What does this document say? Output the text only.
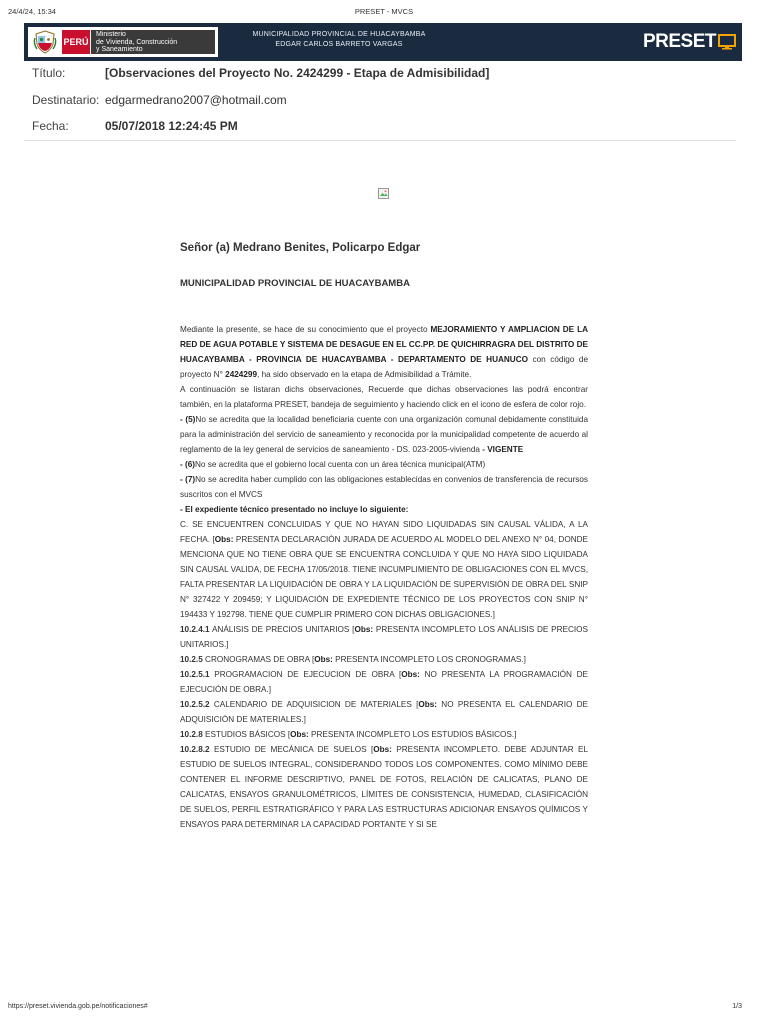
24/4/24, 15:34	PRESET - MVCS
PERÚ
Ministerio
de Vivienda, Construcción
y Saneamiento
MUNICIPALIDAD PROVINCIAL DE HUACAYBAMBA
EDGAR CARLOS BARRETO VARGAS	PRESET
Título:	[Observaciones del Proyecto No. 2424299 - Etapa de Admisibilidad]
Destinatario: edgarmedrano2007@hotmail.com
Fecha:	05/07/2018 12:24:45 PM
Señor (a) Medrano Benites, Policarpo Edgar
MUNICIPALIDAD PROVINCIAL DE HUACAYBAMBA

Mediante la presente, se hace de su conocimiento que el proyecto MEJORAMIENTO Y AMPLIACION DE LA RED DE AGUA POTABLE Y SISTEMA DE DESAGUE EN EL CC.PP. DE QUICHIRRAGRA DEL DISTRITO DE HUACAYBAMBA - PROVINCIA DE HUACAYBAMBA - DEPARTAMENTO DE HUANUCO con código de proyecto N° 2424299, ha sido observado en la etapa de Admisibilidad a Trámite.

A continuación se listaran dichs observaciones, Recuerde que dichas observaciones las podrá encontrar también, en la plataforma PRESET, bandeja de seguimiento y haciendo click en el icono de esfera de color rojo.

- (5)No se acredita que la localidad beneficiaria cuente con una organización comunal debidamente constituida para la administración del servicio de saneamiento y reconocida por la municipalidad competente de acuerdo al reglamento de la ley general de servicios de saneamiento - DS. 023-2005-vivienda - VIGENTE

- (6)No se acredita que el gobierno local cuenta con un área técnica municipal(ATM)

- (7)No se acredita haber cumplido con las obligaciones establecidas en convenios de transferencia de recursos suscritos con el MVCS

- El expediente técnico presentado no incluye lo siguiente:

C. SE ENCUENTREN CONCLUIDAS Y QUE NO HAYAN SIDO LIQUIDADAS SIN CAUSAL VÁLIDA, A LA FECHA. [Obs: PRESENTA DECLARACIÓN JURADA DE ACUERDO AL MODELO DEL ANEXO N° 04, DONDE MENCIONA QUE NO TIENE OBRA QUE SE ENCUENTRA CONCLUIDA Y QUE NO HAYA SIDO LIQUIDADA SIN CAUSAL VALIDA, DE FECHA 17/05/2018. TIENE INCUMPLIMIENTO DE OBLIGACIONES CON EL MVCS, FALTA PRESENTAR LA LIQUIDACIÓN DE OBRA Y LA LIQUIDACIÓN DE SUPERVISIÓN DE OBRA DEL SNIP N° 327422 Y 209459; Y LIQUIDACIÓN DE EXPEDIENTE TÉCNICO DE LOS PROYECTOS CON SNIP N° 194433 Y 192798. TIENE QUE CUMPLIR PRIMERO CON DICHAS OBLIGACIONES.]

10.2.4.1 ANÁLISIS DE PRECIOS UNITARIOS [Obs: PRESENTA INCOMPLETO LOS ANÁLISIS DE PRECIOS UNITARIOS.]

10.2.5 CRONOGRAMAS DE OBRA [Obs: PRESENTA INCOMPLETO LOS CRONOGRAMAS.]

10.2.5.1 PROGRAMACION DE EJECUCION DE OBRA [Obs: NO PRESENTA LA PROGRAMACIÓN DE EJECUCIÓN DE OBRA.]

10.2.5.2 CALENDARIO DE ADQUISICION DE MATERIALES [Obs: NO PRESENTA EL CALENDARIO DE ADQUISICIÓN DE MATERIALES.]

10.2.8 ESTUDIOS BÁSICOS [Obs: PRESENTA INCOMPLETO LOS ESTUDIOS BÁSICOS.]

10.2.8.2 ESTUDIO DE MECÁNICA DE SUELOS [Obs: PRESENTA INCOMPLETO. DEBE ADJUNTAR EL ESTUDIO DE SUELOS INTEGRAL, CONSIDERANDO TODOS LOS COMPONENTES. COMO MÍNIMO DEBE CONTENER EL INFORME DESCRIPTIVO, PANEL DE FOTOS, RELACIÓN DE CALICATAS, PLANO DE CALICATAS, ENSAYOS GRANULOMÉTRICOS, LÍMITES DE CONSISTENCIA, HUMEDAD, CLASIFICACIÓN DE SUELOS, PERFIL ESTRATIGRÁFICO Y PARA LAS ESTRUCTURAS ADICIONAR ENSAYOS QUÍMICOS Y ENSAYOS PARA DETERMINAR LA CAPACIDAD PORTANTE Y SI SE

https://preset.vivienda.gob.pe/notificaciones#	1/3
